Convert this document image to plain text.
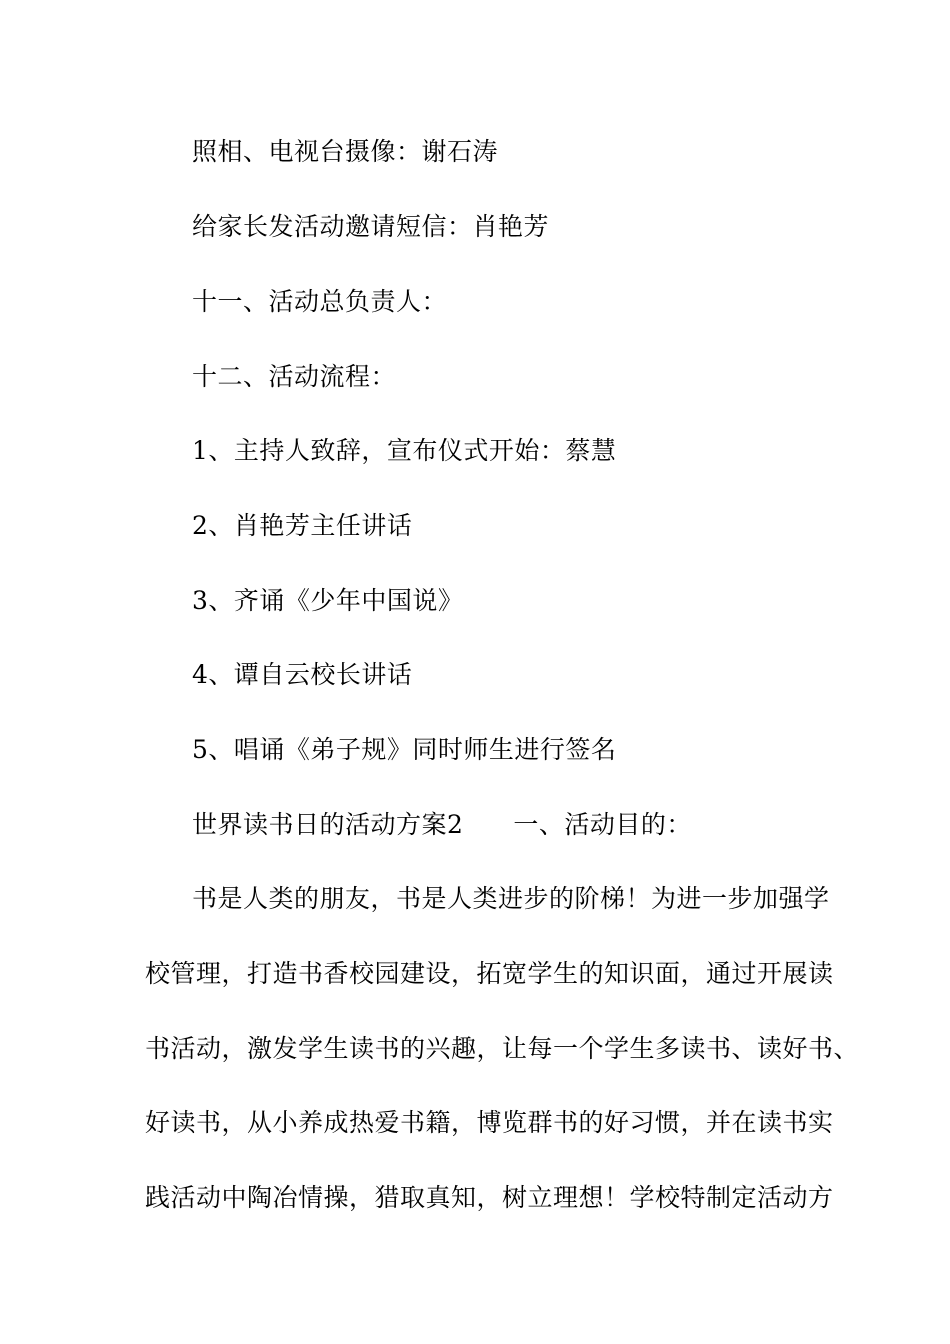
照相、电视台摄像：谢石涛
给家长发活动邀请短信：肖艳芳
十一、活动总负责人：
十二、活动流程：
1、主持人致辞，宣布仪式开始：蔡慧
2、肖艳芳主任讲话
3、齐诵《少年中国说》
4、谭自云校长讲话
5、唱诵《弟子规》同时师生进行签名
世界读书日的活动方案2 一、活动目的：
书是人类的朋友，书是人类进步的阶梯！为进一步加强学
校管理，打造书香校园建设，拓宽学生的知识面，通过开展读
书活动，激发学生读书的兴趣，让每一个学生多读书、读好书、
好读书，从小养成热爱书籍，博览群书的好习惯，并在读书实
践活动中陶冶情操，猎取真知，树立理想！学校特制定活动方
